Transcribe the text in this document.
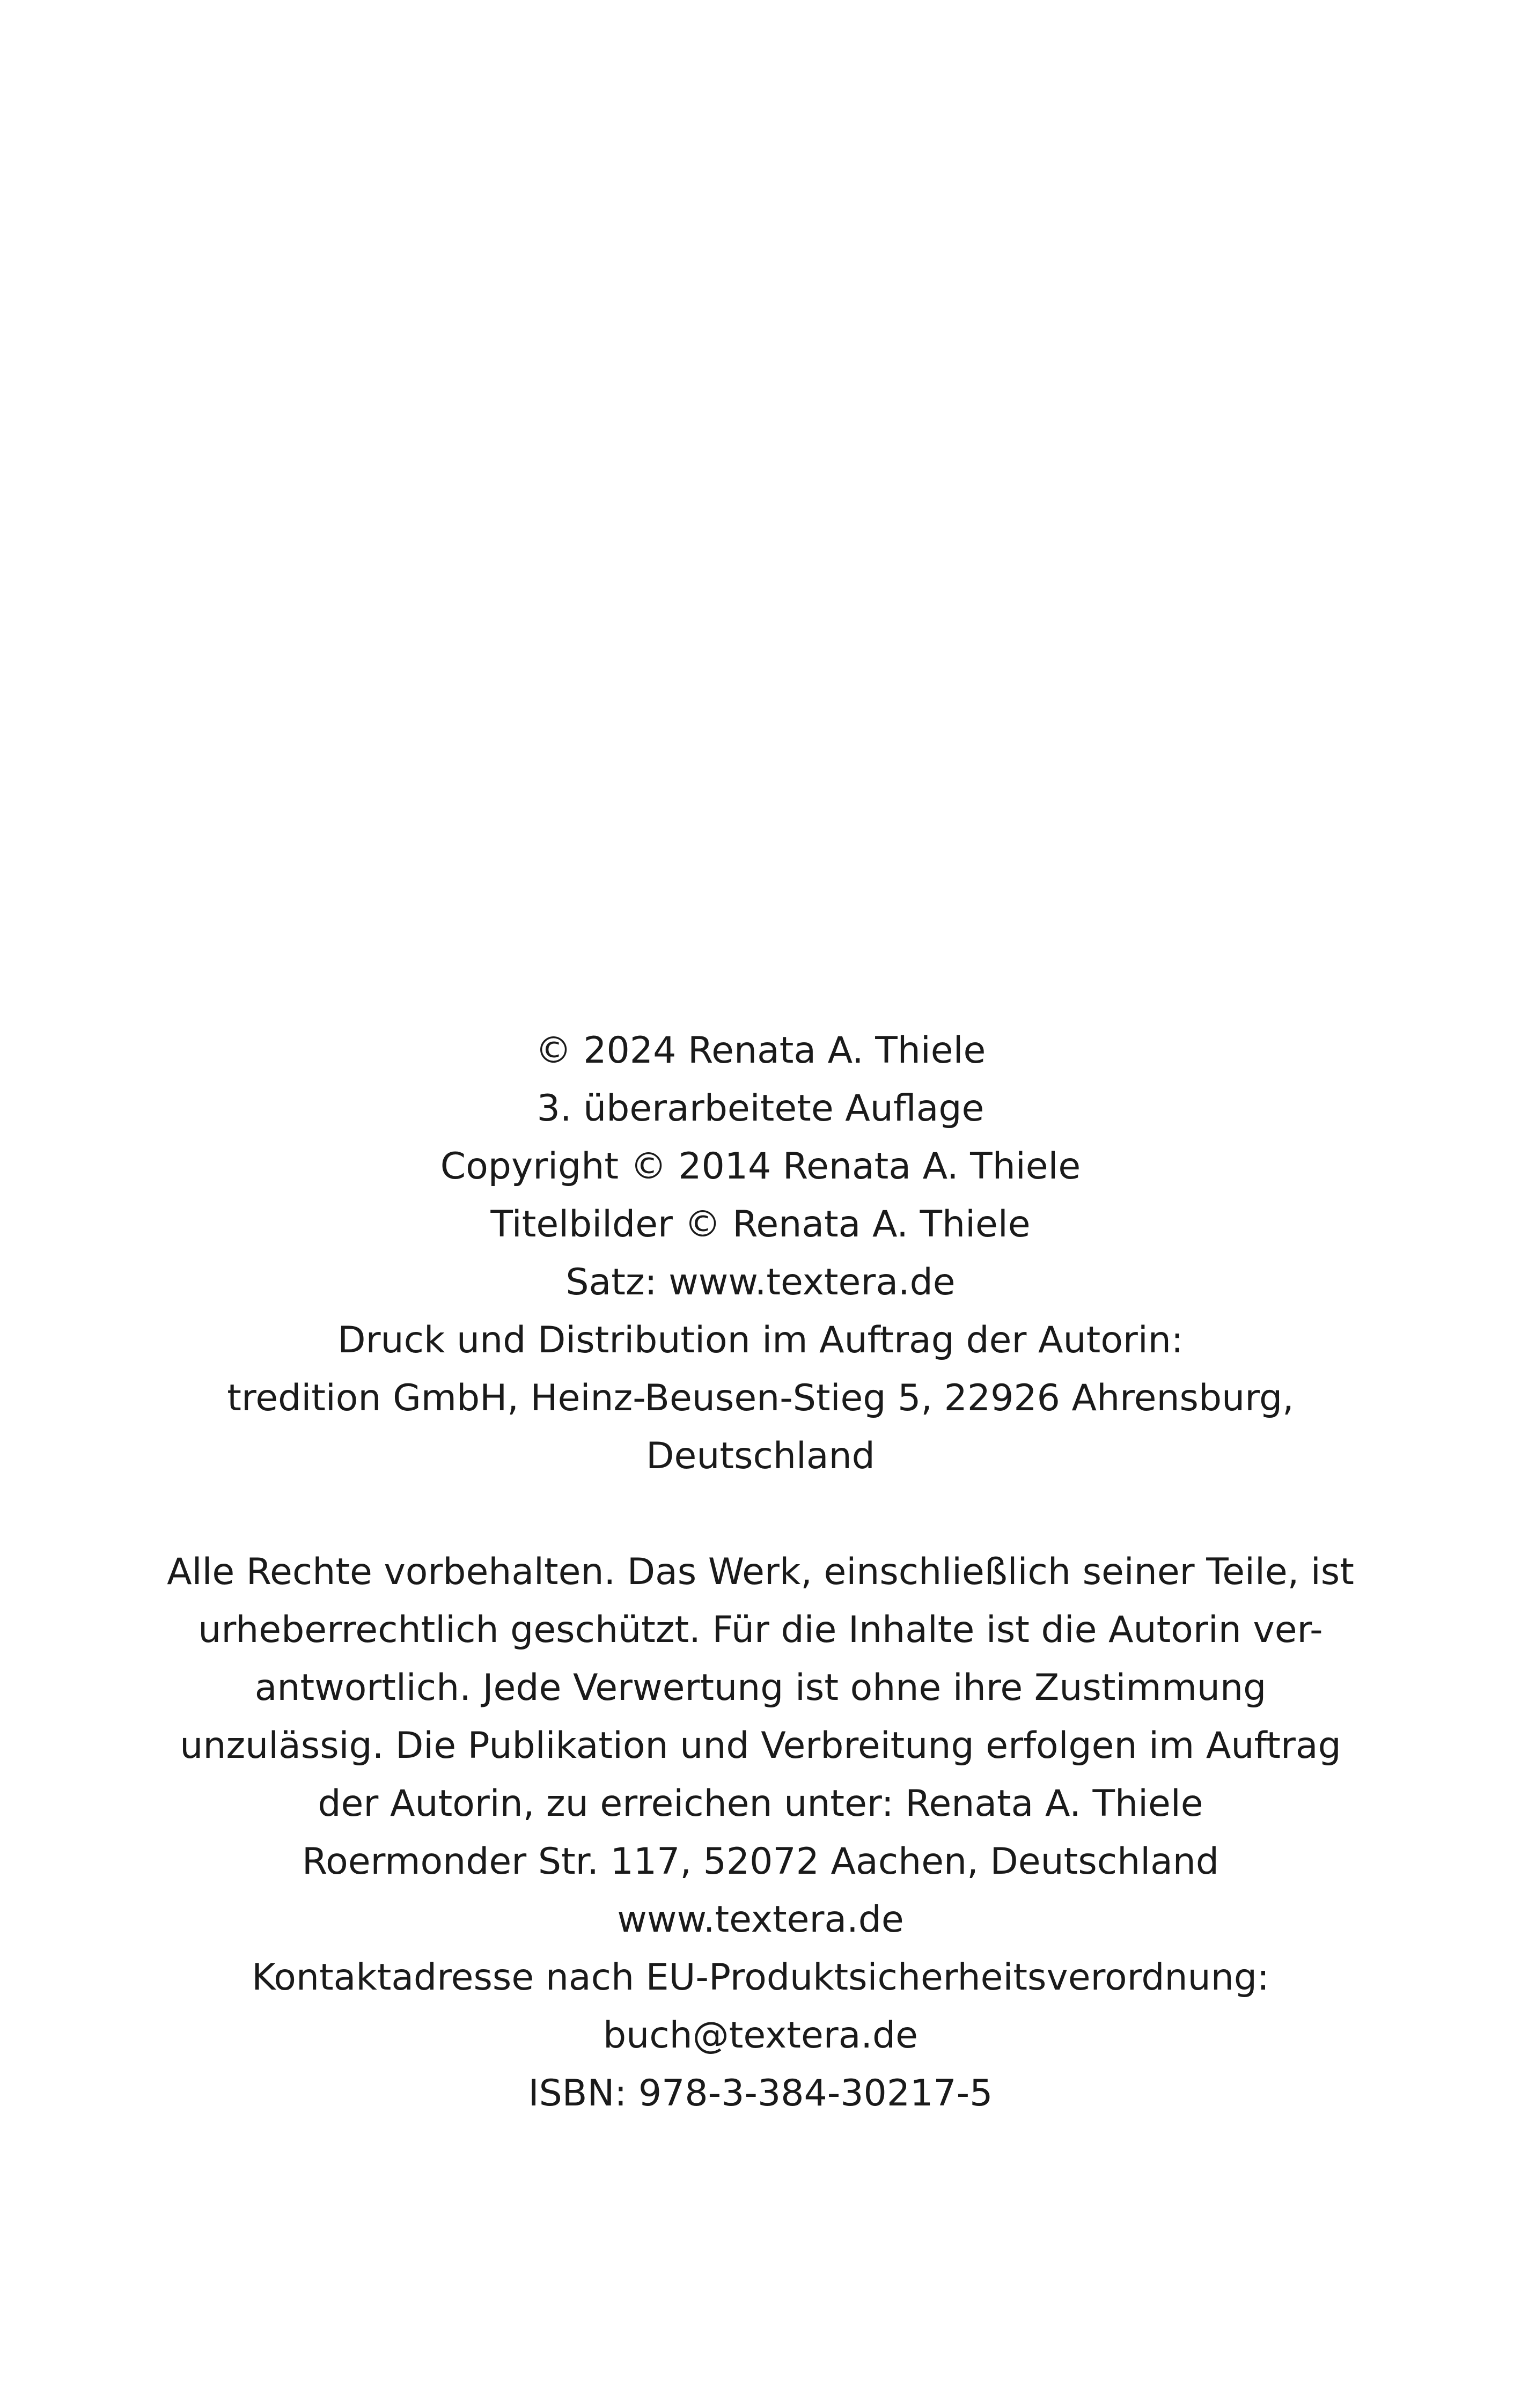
© 2024 Renata A. Thiele
3. überarbeitete Auflage
Copyright © 2014 Renata A. Thiele
Titelbilder © Renata A. Thiele
Satz: www.textera.de
Druck und Distribution im Auftrag der Autorin:
tredition GmbH, Heinz-Beusen-Stieg 5, 22926 Ahrensburg,
Deutschland
Alle Rechte vorbehalten. Das Werk, einschließlich seiner Teile, ist
urheberrechtlich geschützt. Für die Inhalte ist die Autorin ver-
antwortlich. Jede Verwertung ist ohne ihre Zustimmung
unzulässig. Die Publikation und Verbreitung erfolgen im Auftrag
der Autorin, zu erreichen unter: Renata A. Thiele
Roermonder Str. 117, 52072 Aachen, Deutschland
www.textera.de
Kontaktadresse nach EU-Produktsicherheitsverordnung:
buch@textera.de
ISBN: 978-3-384-30217-5
